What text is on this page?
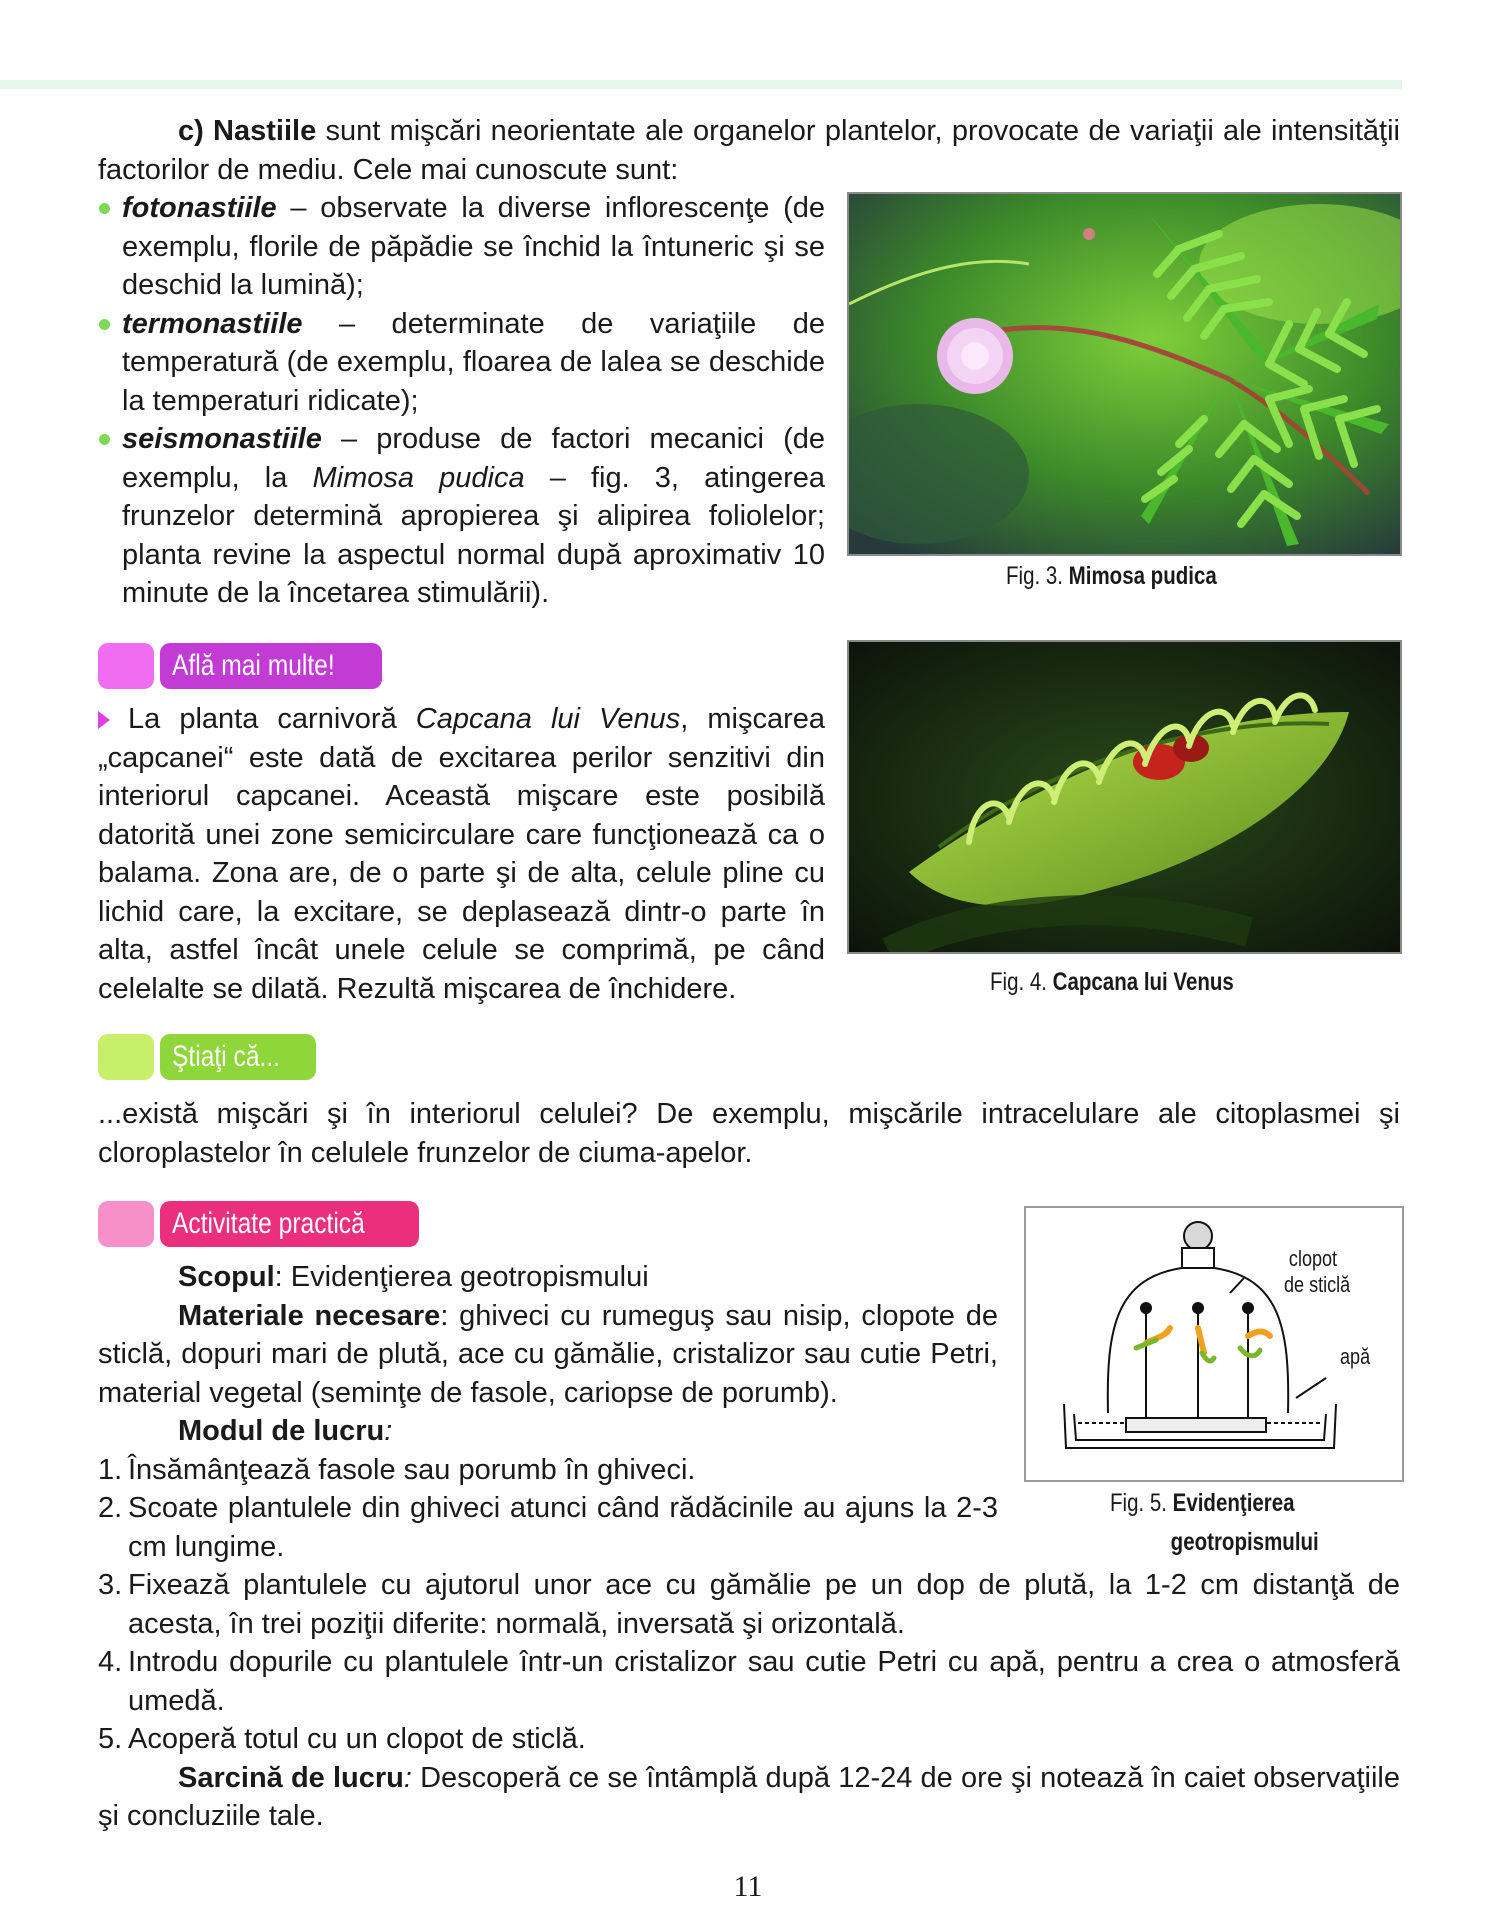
c) Nastiile sunt mişcări neorientate ale organelor plantelor, provocate de variaţii ale intensităţii factorilor de mediu. Cele mai cunoscute sunt:

fotonastiile – observate la diverse inflorescenţe (de exemplu, florile de păpădie se închid la întuneric şi se deschid la lumină);
termonastiile – determinate de variaţiile de temperatură (de exemplu, floarea de lalea se deschide la temperaturi ridicate);
seismonastiile – produse de factori mecanici (de exemplu, la Mimosa pudica – fig. 3, atingerea frunzelor determină apropierea şi alipirea foliolelor; planta revine la aspectul normal după aproximativ 10 minute de la încetarea stimulării).
Fig. 3. Mimosa pudica
Află mai multe!

La planta carnivoră Capcana lui Venus, mişcarea „capcanei“ este dată de excitarea perilor senzitivi din interiorul capcanei. Această mişcare este posibilă datorită unei zone semicirculare care funcţionează ca o balama. Zona are, de o parte şi de alta, celule pline cu lichid care, la excitare, se deplasează dintr-o parte în alta, astfel încât unele celule se comprimă, pe când celelalte se dilată. Rezultă mişcarea de închidere.	Fig. 4. Capcana lui Venus
Ştiaţi că...

...există mişcări şi în interiorul celulei? De exemplu, mişcările intracelulare ale citoplasmei şi cloroplastelor în celulele frunzelor de ciuma-apelor.

Activitate practică

Scopul: Evidenţierea geotropismului

Materiale necesare: ghiveci cu rumeguş sau nisip, clopote de sticlă, dopuri mari de plută, ace cu gămălie, cristalizor sau cutie Petri, material vegetal (seminţe de fasole, cariopse de porumb).

Modul de lucru:

1. Însămânţează fasole sau porumb în ghiveci.
2. Scoate plantulele din ghiveci atunci când rădăcinile au ajuns la 2-3 cm lungime.
3. Fixează plantulele cu ajutorul unor ace cu gămălie pe un dop de plută, la 1-2 cm distanţă de acesta, în trei poziţii diferite: normală, inversată şi orizontală.
4. Introdu dopurile cu plantulele într-un cristalizor sau cutie Petri cu apă, pentru a crea o atmosferă umedă.
5. Acoperă totul cu un clopot de sticlă.

Sarcină de lucru: Descoperă ce se întâmplă după 12-24 de ore şi notează în caiet observaţiile şi concluziile tale.

clopot
de sticlă
apă
Fig. 5. Evidenţierea
geotropismului
11
